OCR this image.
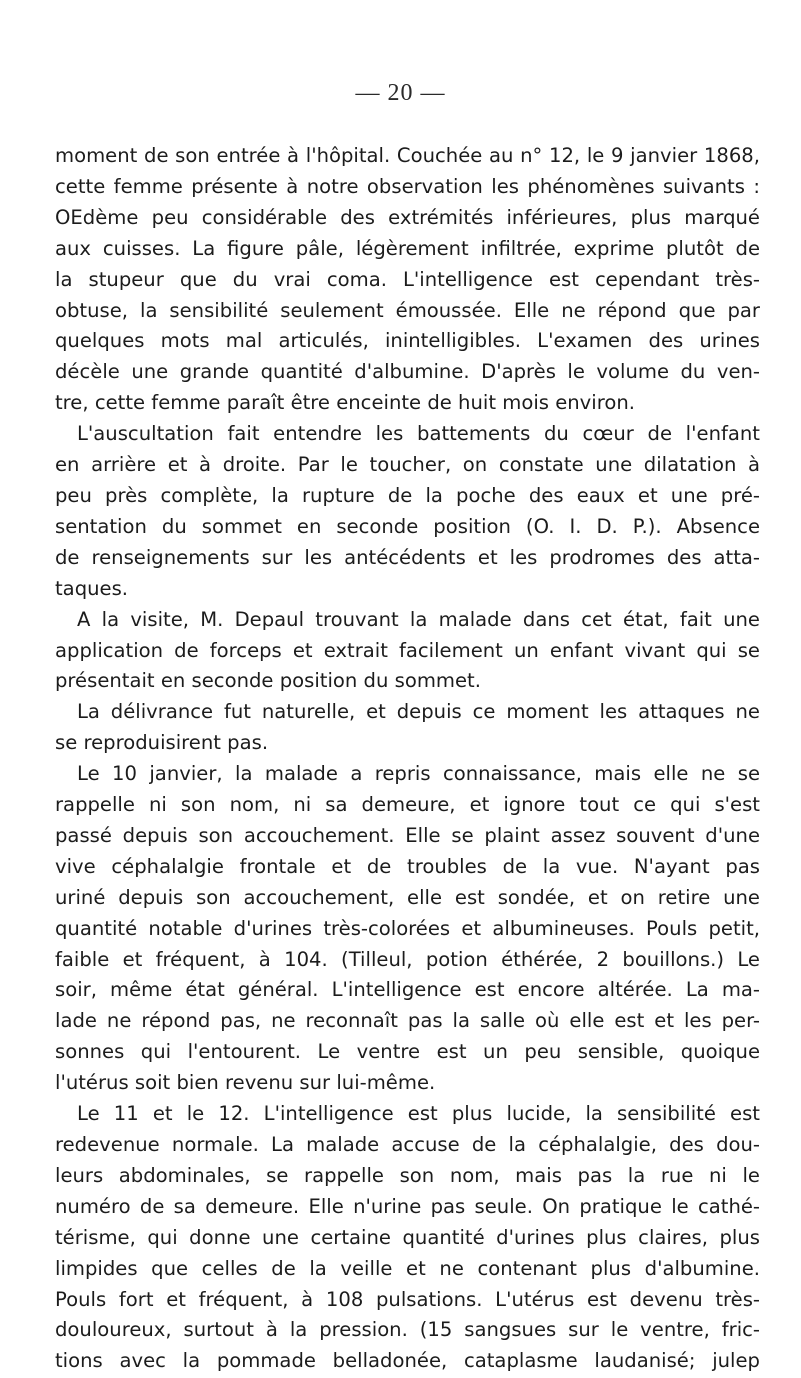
— 20 —
moment de son entrée à l'hôpital. Couchée au n° 12, le 9 janvier 1868,
cette femme présente à notre observation les phénomènes suivants :
OEdème peu considérable des extrémités inférieures, plus marqué
aux cuisses. La figure pâle, légèrement infiltrée, exprime plutôt de
la stupeur que du vrai coma. L'intelligence est cependant très-
obtuse, la sensibilité seulement émoussée. Elle ne répond que par
quelques mots mal articulés, inintelligibles. L'examen des urines
décèle une grande quantité d'albumine. D'après le volume du ven-
tre, cette femme paraît être enceinte de huit mois environ.
L'auscultation fait entendre les battements du cœur de l'enfant
en arrière et à droite. Par le toucher, on constate une dilatation à
peu près complète, la rupture de la poche des eaux et une pré-
sentation du sommet en seconde position (O. I. D. P.). Absence
de renseignements sur les antécédents et les prodromes des atta-
taques.
A la visite, M. Depaul trouvant la malade dans cet état, fait une
application de forceps et extrait facilement un enfant vivant qui se
présentait en seconde position du sommet.
La délivrance fut naturelle, et depuis ce moment les attaques ne
se reproduisirent pas.
Le 10 janvier, la malade a repris connaissance, mais elle ne se
rappelle ni son nom, ni sa demeure, et ignore tout ce qui s'est
passé depuis son accouchement. Elle se plaint assez souvent d'une
vive céphalalgie frontale et de troubles de la vue. N'ayant pas
uriné depuis son accouchement, elle est sondée, et on retire une
quantité notable d'urines très-colorées et albumineuses. Pouls petit,
faible et fréquent, à 104. (Tilleul, potion éthérée, 2 bouillons.) Le
soir, même état général. L'intelligence est encore altérée. La ma-
lade ne répond pas, ne reconnaît pas la salle où elle est et les per-
sonnes qui l'entourent. Le ventre est un peu sensible, quoique
l'utérus soit bien revenu sur lui-même.
Le 11 et le 12. L'intelligence est plus lucide, la sensibilité est
redevenue normale. La malade accuse de la céphalalgie, des dou-
leurs abdominales, se rappelle son nom, mais pas la rue ni le
numéro de sa demeure. Elle n'urine pas seule. On pratique le cathé-
térisme, qui donne une certaine quantité d'urines plus claires, plus
limpides que celles de la veille et ne contenant plus d'albumine.
Pouls fort et fréquent, à 108 pulsations. L'utérus est devenu très-
douloureux, surtout à la pression. (15 sangsues sur le ventre, fric-
tions avec la pommade belladonée, cataplasme laudanisé; julep
